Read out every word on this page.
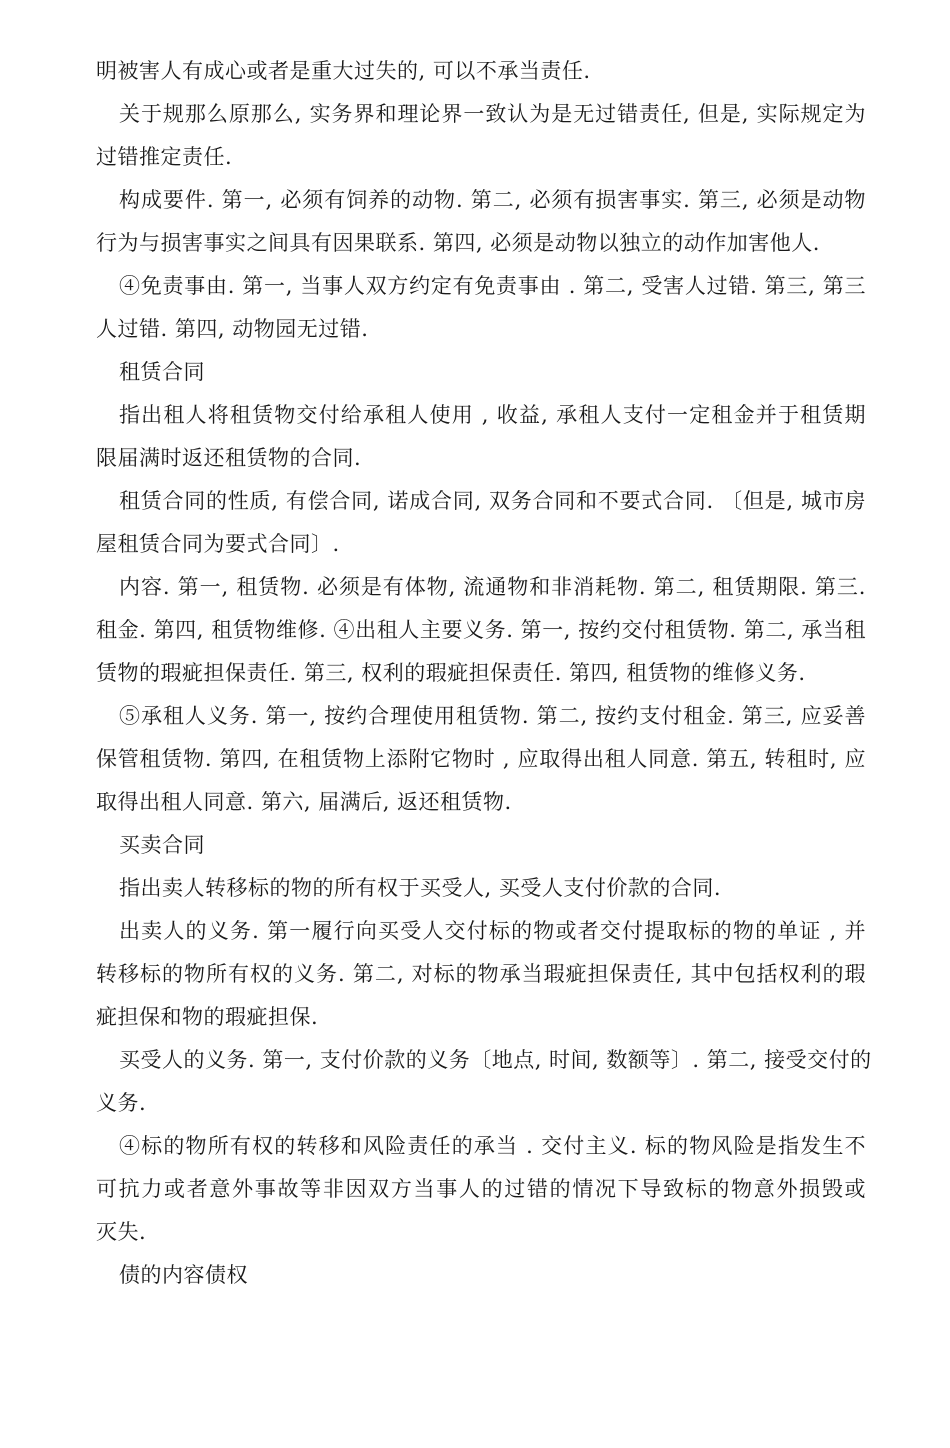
明被害人有成心或者是重大过失的, 可以不承当责任.
关于规那么原那么, 实务界和理论界一致认为是无过错责任, 但是, 实际规定为
过错推定责任.
构成要件. 第一, 必须有饲养的动物. 第二, 必须有损害事实. 第三, 必须是动物
行为与损害事实之间具有因果联系. 第四, 必须是动物以独立的动作加害他人.
④免责事由. 第一, 当事人双方约定有免责事由 . 第二, 受害人过错. 第三, 第三
人过错. 第四, 动物园无过错.
租赁合同
指出租人将租赁物交付给承租人使用 , 收益, 承租人支付一定租金并于租赁期
限届满时返还租赁物的合同.
租赁合同的性质, 有偿合同, 诺成合同, 双务合同和不要式合同. 〔但是, 城市房
屋租赁合同为要式合同〕.
内容. 第一, 租赁物. 必须是有体物, 流通物和非消耗物. 第二, 租赁期限. 第三.
租金. 第四, 租赁物维修. ④出租人主要义务. 第一, 按约交付租赁物. 第二, 承当租
赁物的瑕疵担保责任. 第三, 权利的瑕疵担保责任. 第四, 租赁物的维修义务.
⑤承租人义务. 第一, 按约合理使用租赁物. 第二, 按约支付租金. 第三, 应妥善
保管租赁物. 第四, 在租赁物上添附它物时 , 应取得出租人同意. 第五, 转租时, 应
取得出租人同意. 第六, 届满后, 返还租赁物.
买卖合同
指出卖人转移标的物的所有权于买受人, 买受人支付价款的合同.
出卖人的义务. 第一履行向买受人交付标的物或者交付提取标的物的单证 , 并
转移标的物所有权的义务. 第二, 对标的物承当瑕疵担保责任, 其中包括权利的瑕
疵担保和物的瑕疵担保.
买受人的义务. 第一, 支付价款的义务〔地点, 时间, 数额等〕. 第二, 接受交付的
义务.
④标的物所有权的转移和风险责任的承当 . 交付主义. 标的物风险是指发生不
可抗力或者意外事故等非因双方当事人的过错的情况下导致标的物意外损毁或
灭失.
债的内容债权
